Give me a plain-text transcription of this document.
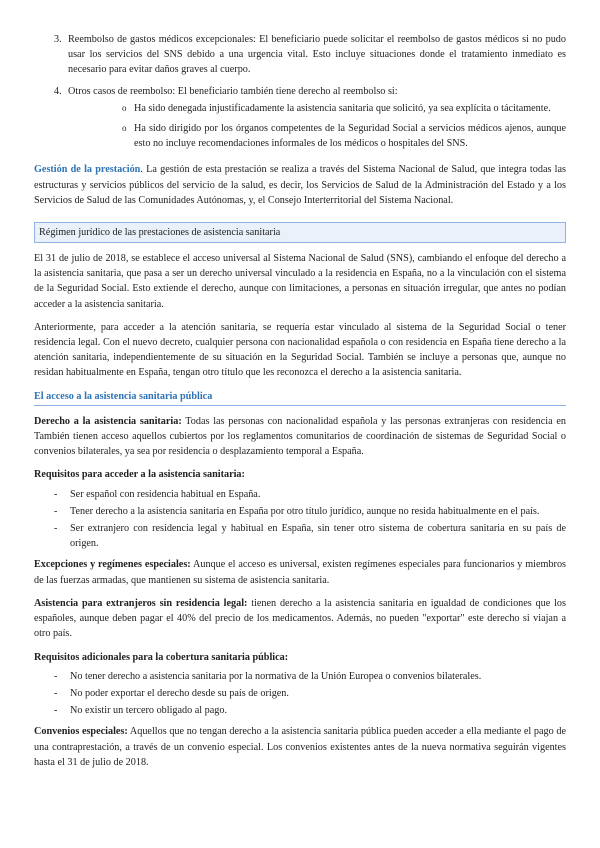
3. Reembolso de gastos médicos excepcionales: El beneficiario puede solicitar el reembolso de gastos médicos si no pudo usar los servicios del SNS debido a una urgencia vital. Esto incluye situaciones donde el tratamiento inmediato es necesario para evitar daños graves al cuerpo.
4. Otros casos de reembolso: El beneficiario también tiene derecho al reembolso si:
o Ha sido denegada injustificadamente la asistencia sanitaria que solicitó, ya sea explícita o tácitamente.
o Ha sido dirigido por los órganos competentes de la Seguridad Social a servicios médicos ajenos, aunque esto no incluye recomendaciones informales de los médicos o hospitales del SNS.

Gestión de la prestación. La gestión de esta prestación se realiza a través del Sistema Nacional de Salud, que integra todas las estructuras y servicios públicos del servicio de la salud, es decir, los Servicios de Salud de la Administración del Estado y a los Servicios de Salud de las Comunidades Autónomas, y, el Consejo Interterritorial del Sistema Nacional.

Régimen jurídico de las prestaciones de asistencia sanitaria

El 31 de julio de 2018, se establece el acceso universal al Sistema Nacional de Salud (SNS), cambiando el enfoque del derecho a la asistencia sanitaria, que pasa a ser un derecho universal vinculado a la residencia en España, no a la vinculación con el sistema de la Seguridad Social. Esto extiende el derecho, aunque con limitaciones, a personas en situación irregular, que antes no podían acceder a la asistencia sanitaria.

Anteriormente, para acceder a la atención sanitaria, se requería estar vinculado al sistema de la Seguridad Social o tener residencia legal. Con el nuevo decreto, cualquier persona con nacionalidad española o con residencia en España tiene derecho a la atención sanitaria, independientemente de su situación en la Seguridad Social. También se incluye a personas que, aunque no residan habitualmente en España, tengan otro título que les reconozca el derecho a la asistencia sanitaria.

El acceso a la asistencia sanitaria pública

Derecho a la asistencia sanitaria: Todas las personas con nacionalidad española y las personas extranjeras con residencia en También tienen acceso aquellos cubiertos por los reglamentos comunitarios de coordinación de sistemas de Seguridad Social o convenios bilaterales, ya sea por residencia o desplazamiento temporal a España.

Requisitos para acceder a la asistencia sanitaria:

- Ser español con residencia habitual en España.
- Tener derecho a la asistencia sanitaria en España por otro título jurídico, aunque no resida habitualmente en el país.
- Ser extranjero con residencia legal y habitual en España, sin tener otro sistema de cobertura sanitaria en su país de origen.

Excepciones y regímenes especiales: Aunque el acceso es universal, existen regímenes especiales para funcionarios y miembros de las fuerzas armadas, que mantienen su sistema de asistencia sanitaria.

Asistencia para extranjeros sin residencia legal: tienen derecho a la asistencia sanitaria en igualdad de condiciones que los españoles, aunque deben pagar el 40% del precio de los medicamentos. Además, no pueden "exportar" este derecho si viajan a otro país.

Requisitos adicionales para la cobertura sanitaria pública:

- No tener derecho a asistencia sanitaria por la normativa de la Unión Europea o convenios bilaterales.
- No poder exportar el derecho desde su país de origen.
- No existir un tercero obligado al pago.

Convenios especiales: Aquellos que no tengan derecho a la asistencia sanitaria pública pueden acceder a ella mediante el pago de una contraprestación, a través de un convenio especial. Los convenios existentes antes de la nueva normativa seguirán vigentes hasta el 31 de julio de 2018.
